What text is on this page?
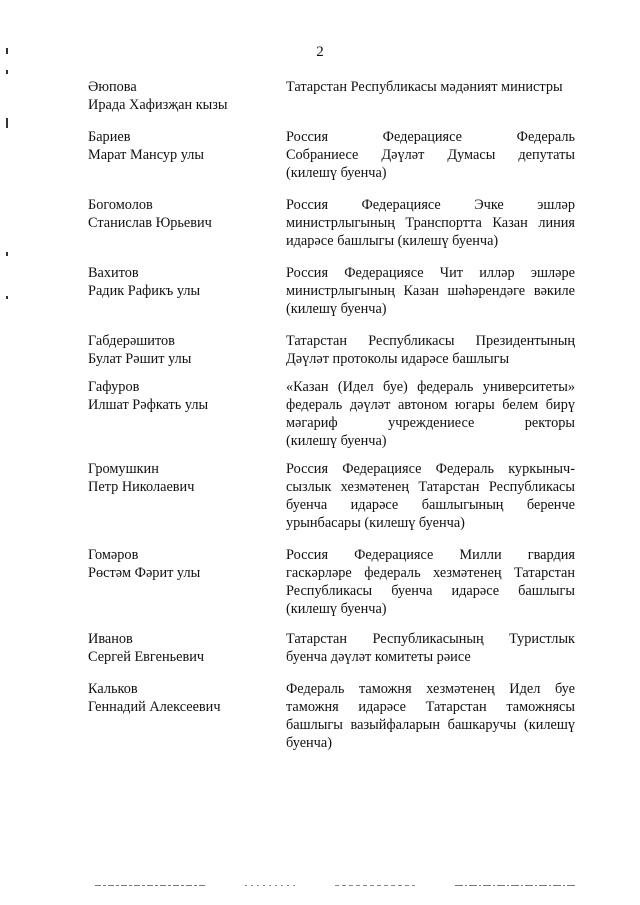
2
Әюпова
Ирада Хафизҗан кызы
Татарстан Республикасы мәдәният министры
Бариев
Марат Мансур улы
Россия Федерациясе Федераль
Собраниесе Дәүләт Думасы депутаты
(килешү буенча)
Богомолов
Станислав Юрьевич
Россия Федерациясе Эчке эшләр
министрлыгының Транспортта Казан линия
идарәсе башлыгы (килешү буенча)
Вахитов
Радик Рафикъ улы
Россия Федерациясе Чит илләр эшләре
министрлыгының Казан шәһәрендәге вәкиле
(килешү буенча)
Габдерәшитов
Булат Рәшит улы
Татарстан Республикасы Президентының
Дәүләт протоколы идарәсе башлыгы
Гафуров
Илшат Рәфкать улы
«Казан (Идел буе) федераль университеты»
федераль дәүләт автоном югары белем бирү
мәгариф учреждениесе ректоры
(килешү буенча)
Громушкин
Петр Николаевич
Россия Федерациясе Федераль куркыныч-
сызлык хезмәтенең Татарстан Республикасы
буенча идарәсе башлыгының беренче
урынбасары (килешү буенча)
Гомәров
Рөстәм Фәрит улы
Россия Федерациясе Милли гвардия
гаскәрләре федераль хезмәтенең Татарстан
Республикасы буенча идарәсе башлыгы
(килешү буенча)
Иванов
Сергей Евгеньевич
Татарстан Республикасының Туристлык
буенча дәүләт комитеты рәисе
Кальков
Геннадий Алексеевич
Федераль таможня хезмәтенең Идел буе
таможня идарәсе Татарстан таможнясы
башлыгы вазыйфаларын башкаручы (килешү
буенча)
